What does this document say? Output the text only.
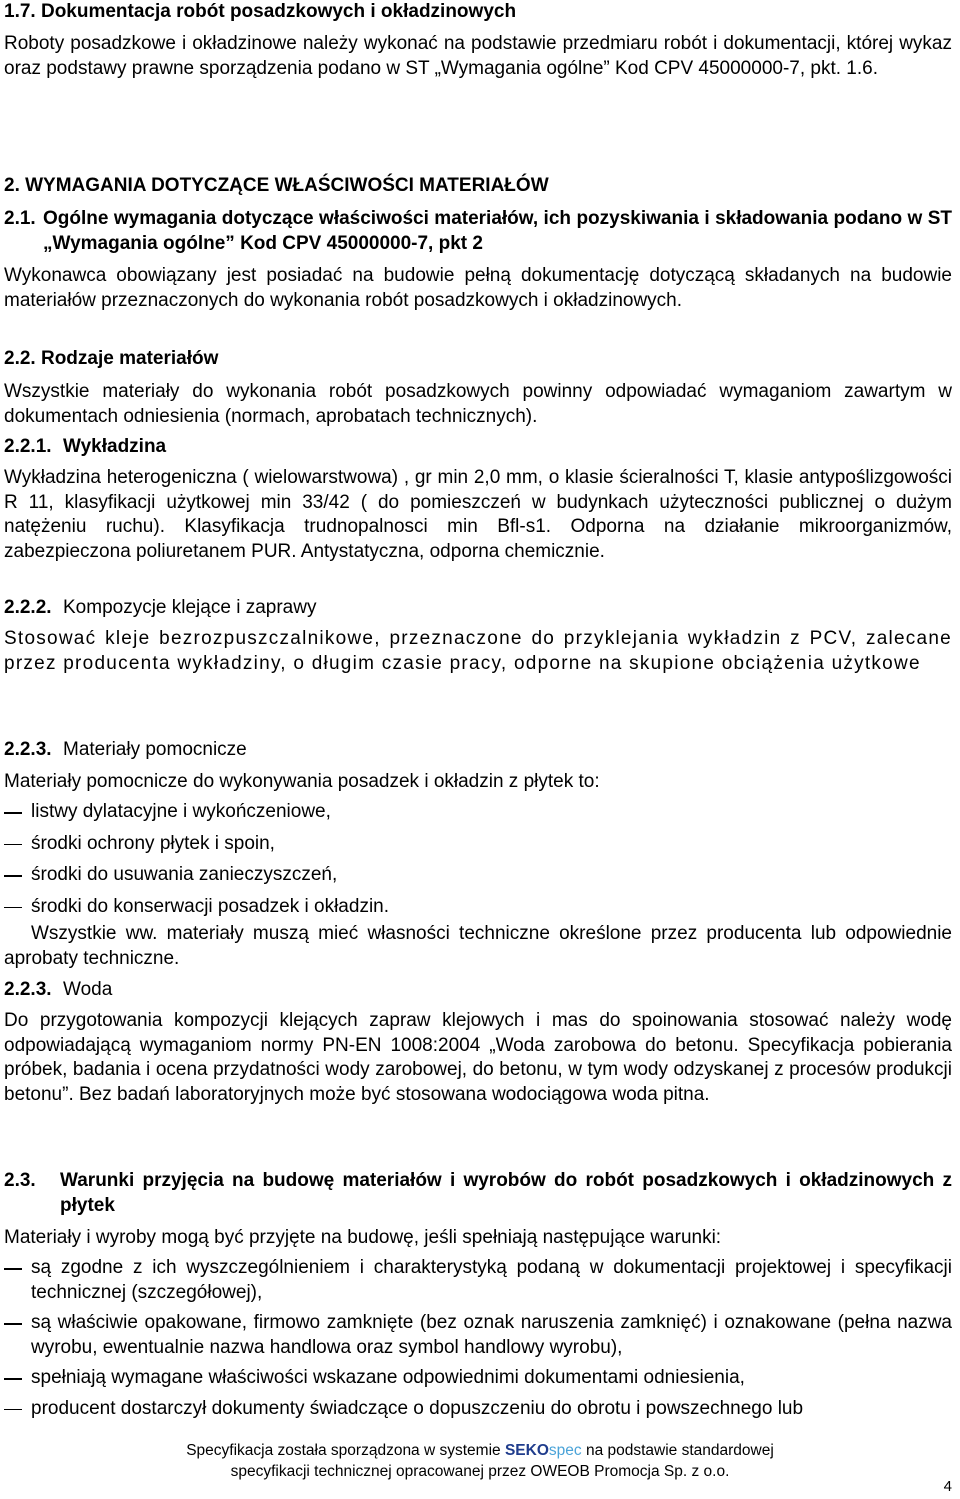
1.7. Dokumentacja robót posadzkowych i okładzinowych

Roboty posadzkowe i okładzinowe należy wykonać na podstawie przedmiaru robót i dokumentacji, której wykaz oraz podstawy prawne sporządzenia podano w ST „Wymagania ogólne” Kod CPV 45000000-7, pkt. 1.6.

2. WYMAGANIA DOTYCZĄCE WŁAŚCIWOŚCI MATERIAŁÓW
2.1. Ogólne wymagania dotyczące właściwości materiałów, ich pozyskiwania i składowania podano w ST „Wymagania ogólne” Kod CPV 45000000-7, pkt 2

Wykonawca obowiązany jest posiadać na budowie pełną dokumentację dotyczącą składanych na budowie materiałów przeznaczonych do wykonania robót posadzkowych i okładzinowych.

2.2. Rodzaje materiałów

Wszystkie materiały do wykonania robót posadzkowych powinny odpowiadać wymaganiom zawartym w dokumentach odniesienia (normach, aprobatach technicznych).

2.2.1. Wykładzina

Wykładzina heterogeniczna ( wielowarstwowa) , gr min 2,0 mm, o klasie ścieralności T, klasie antypoślizgowości R 11, klasyfikacji użytkowej min 33/42 ( do pomieszczeń w budynkach użyteczności publicznej o dużym natężeniu ruchu). Klasyfikacja trudnopalnosci min Bfl-s1. Odporna na działanie mikroorganizmów, zabezpieczona poliuretanem PUR. Antystatyczna, odporna chemicznie.

2.2.2. Kompozycje klejące i zaprawy

Stosować kleje bezrozpuszczalnikowe, przeznaczone do przyklejania wykładzin z PCV, zalecane przez producenta wykładziny, o długim czasie pracy, odporne na skupione obciążenia użytkowe

2.2.3. Materiały pomocnicze

Materiały pomocnicze do wykonywania posadzek i okładzin z płytek to:

listwy dylatacyjne i wykończeniowe,
środki ochrony płytek i spoin,
środki do usuwania zanieczyszczeń,
środki do konserwacji posadzek i okładzin.

Wszystkie ww. materiały muszą mieć własności techniczne określone przez producenta lub odpowiednie aprobaty techniczne.

2.2.3. Woda

Do przygotowania kompozycji klejących zapraw klejowych i mas do spoinowania stosować należy wodę odpowiadającą wymaganiom normy PN-EN 1008:2004 „Woda zarobowa do betonu. Specyfikacja pobierania próbek, badania i ocena przydatności wody zarobowej, do betonu, w tym wody odzyskanej z procesów produkcji betonu”. Bez badań laboratoryjnych może być stosowana wodociągowa woda pitna.

2.3.	Warunki przyjęcia na budowę materiałów i wyrobów do robót posadzkowych i okładzinowych z płytek

Materiały i wyroby mogą być przyjęte na budowę, jeśli spełniają następujące warunki:

są zgodne z ich wyszczególnieniem i charakterystyką podaną w dokumentacji projektowej i specyfikacji technicznej (szczegółowej),
są właściwie opakowane, firmowo zamknięte (bez oznak naruszenia zamknięć) i oznakowane (pełna nazwa wyrobu, ewentualnie nazwa handlowa oraz symbol handlowy wyrobu),
spełniają wymagane właściwości wskazane odpowiednimi dokumentami odniesienia,
producent dostarczył dokumenty świadczące o dopuszczeniu do obrotu i powszechnego lub
Specyfikacja została sporządzona w systemie SEKOspec na podstawie standardowej
specyfikacji technicznej opracowanej przez OWEOB Promocja Sp. z o.o.
4
